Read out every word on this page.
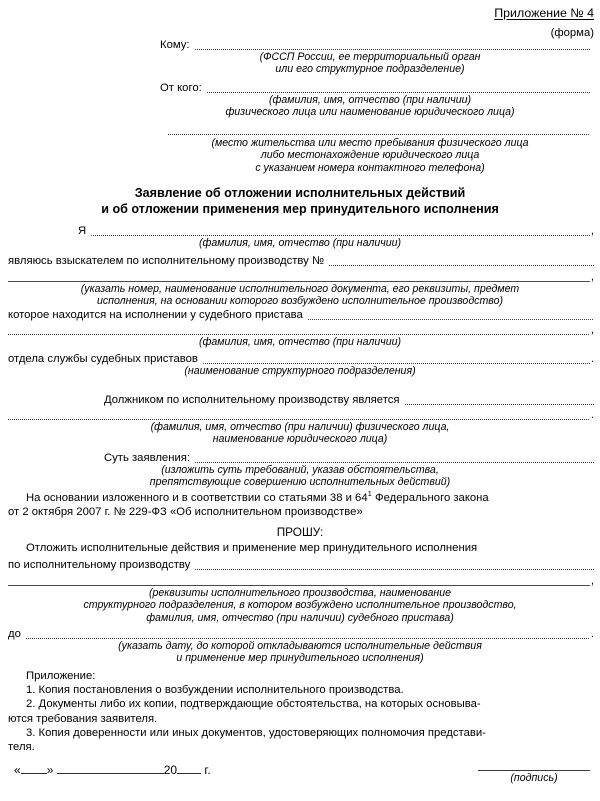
Приложение № 4
(форма)
Кому:
(ФССП России, ее территориальный орган
или его структурное подразделение)
От кого:
(фамилия, имя, отчество (при наличии)
физического лица или наименование юридического лица)
(место жительства или место пребывания физического лица
либо местонахождение юридического лица
с указанием номера контактного телефона)
Заявление об отложении исполнительных действий
и об отложении применения мер принудительного исполнения
Я	,
(фамилия, имя, отчество (при наличии)
являюсь взыскателем по исполнительному производству №
,
(указать номер, наименование исполнительного документа, его реквизиты, предмет
исполнения, на основании которого возбуждено исполнительное производство)
которое находится на исполнении у судебного пристава
,
(фамилия, имя, отчество (при наличии)
отдела службы судебных приставов	.
(наименование структурного подразделения)
Должником по исполнительному производству является
.
(фамилия, имя, отчество (при наличии) физического лица,
наименование юридического лица)
Суть заявления:
(изложить суть требований, указав обстоятельства,
препятствующие совершению исполнительных действий)
На основании изложенного и в соответствии со статьями 38 и $64^1$ Федерального закона
от 2 октября 2007 г. № 229-ФЗ «Об исполнительном производстве»
ПРОШУ:
Отложить исполнительные действия и применение мер принудительного исполнения
по исполнительному производству
,
(реквизиты исполнительного производства, наименование
структурного подразделения, в котором возбуждено исполнительное производство,
фамилия, имя, отчество (при наличии) судебного пристава)
до	.
(указать дату, до которой откладываются исполнительные действия
и применение мер принудительного исполнения)
Приложение:
1. Копия постановления о возбуждении исполнительного производства.
2. Документы либо их копии, подтверждающие обстоятельства, на которых основыва-
ются требования заявителя.
3. Копия доверенности или иных документов, удостоверяющих полномочия представи-
теля.
« »	20 г.
(подпись)
